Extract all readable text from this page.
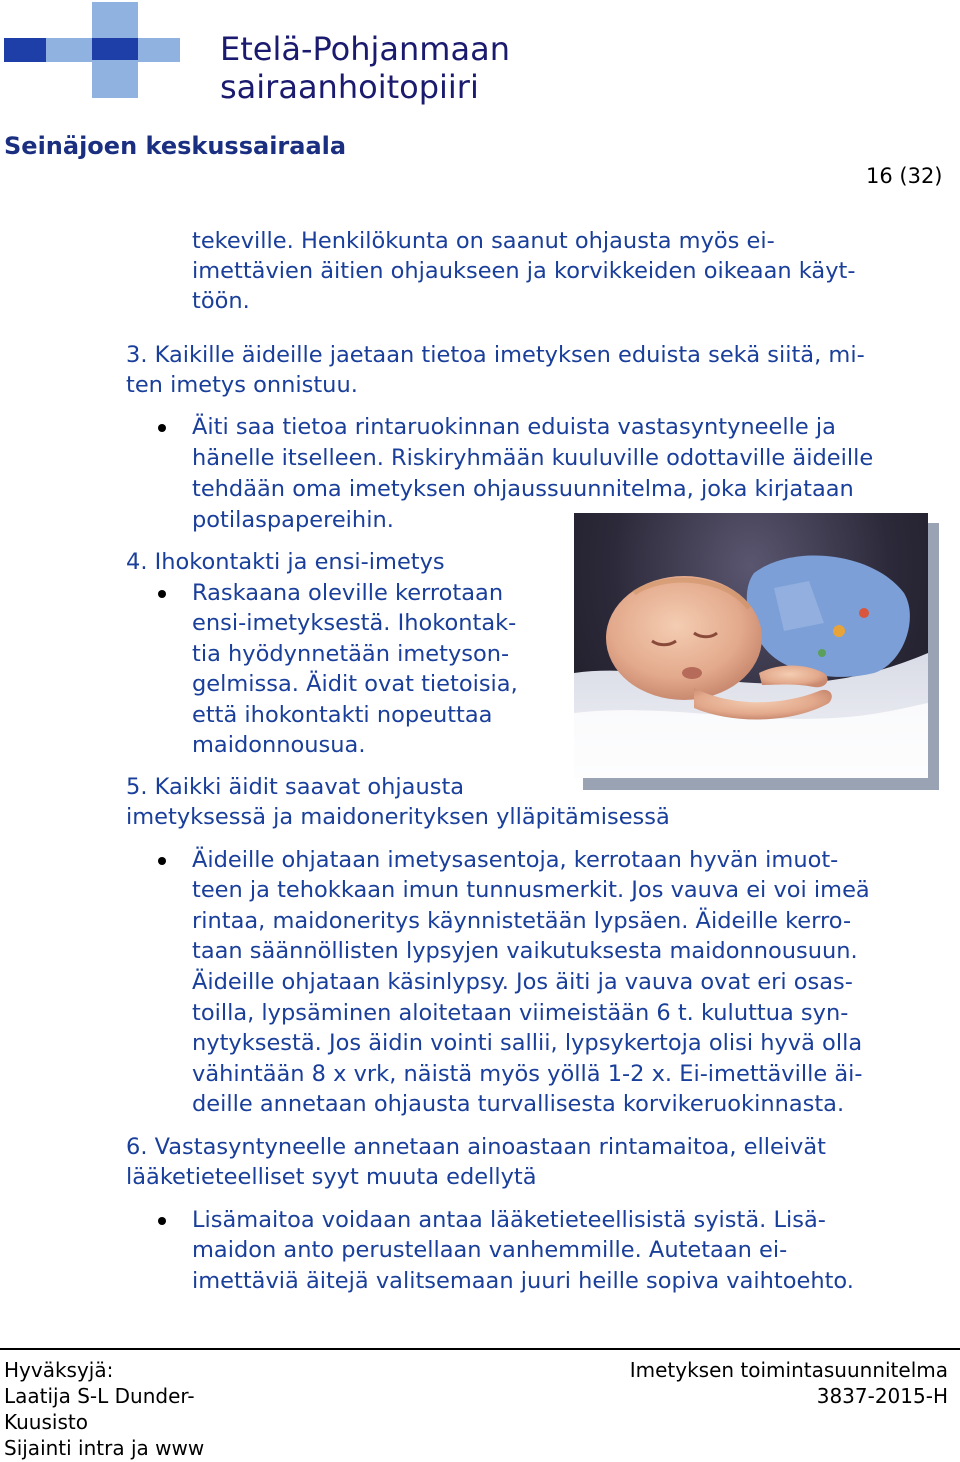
Etelä-Pohjanmaan
sairaanhoitopiiri
Seinäjoen keskussairaala
16 (32)
tekeville. Henkilökunta on saanut ohjausta myös ei-
imettävien äitien ohjaukseen ja korvikkeiden oikeaan käyt-
töön.
3. Kaikille äideille jaetaan tietoa imetyksen eduista sekä siitä, mi-
ten imetys onnistuu.
Äiti saa tietoa rintaruokinnan eduista vastasyntyneelle ja
hänelle itselleen. Riskiryhmään kuuluville odottaville äideille
tehdään oma imetyksen ohjaussuunnitelma, joka kirjataan
potilaspapereihin.
4. Ihokontakti ja ensi-imetys
Raskaana oleville kerrotaan
ensi-imetyksestä. Ihokontak-
tia hyödynnetään imetyson-
gelmissa. Äidit ovat tietoisia,
että ihokontakti nopeuttaa
maidonnousua.
5. Kaikki äidit saavat ohjausta
imetyksessä ja maidonerityksen ylläpitämisessä
Äideille ohjataan imetysasentoja, kerrotaan hyvän imuot-
teen ja tehokkaan imun tunnusmerkit. Jos vauva ei voi imeä
rintaa, maidoneritys käynnistetään lypsäen. Äideille kerro-
taan säännöllisten lypsyjen vaikutuksesta maidonnousuun.
Äideille ohjataan käsinlypsy. Jos äiti ja vauva ovat eri osas-
toilla, lypsäminen aloitetaan viimeistään 6 t. kuluttua syn-
nytyksestä. Jos äidin vointi sallii, lypsykertoja olisi hyvä olla
vähintään 8 x vrk, näistä myös yöllä 1-2 x. Ei-imettäville äi-
deille annetaan ohjausta turvallisesta korvikeruokinnasta.
6. Vastasyntyneelle annetaan ainoastaan rintamaitoa, elleivät
lääketieteelliset syyt muuta edellytä
Lisämaitoa voidaan antaa lääketieteellisistä syistä. Lisä-
maidon anto perustellaan vanhemmille. Autetaan ei-
imettäviä äitejä valitsemaan juuri heille sopiva vaihtoehto.
Hyväksyjä:
Laatija S-L Dunder-
Kuusisto
Sijainti intra ja www
Imetyksen toimintasuunnitelma
3837-2015-H
